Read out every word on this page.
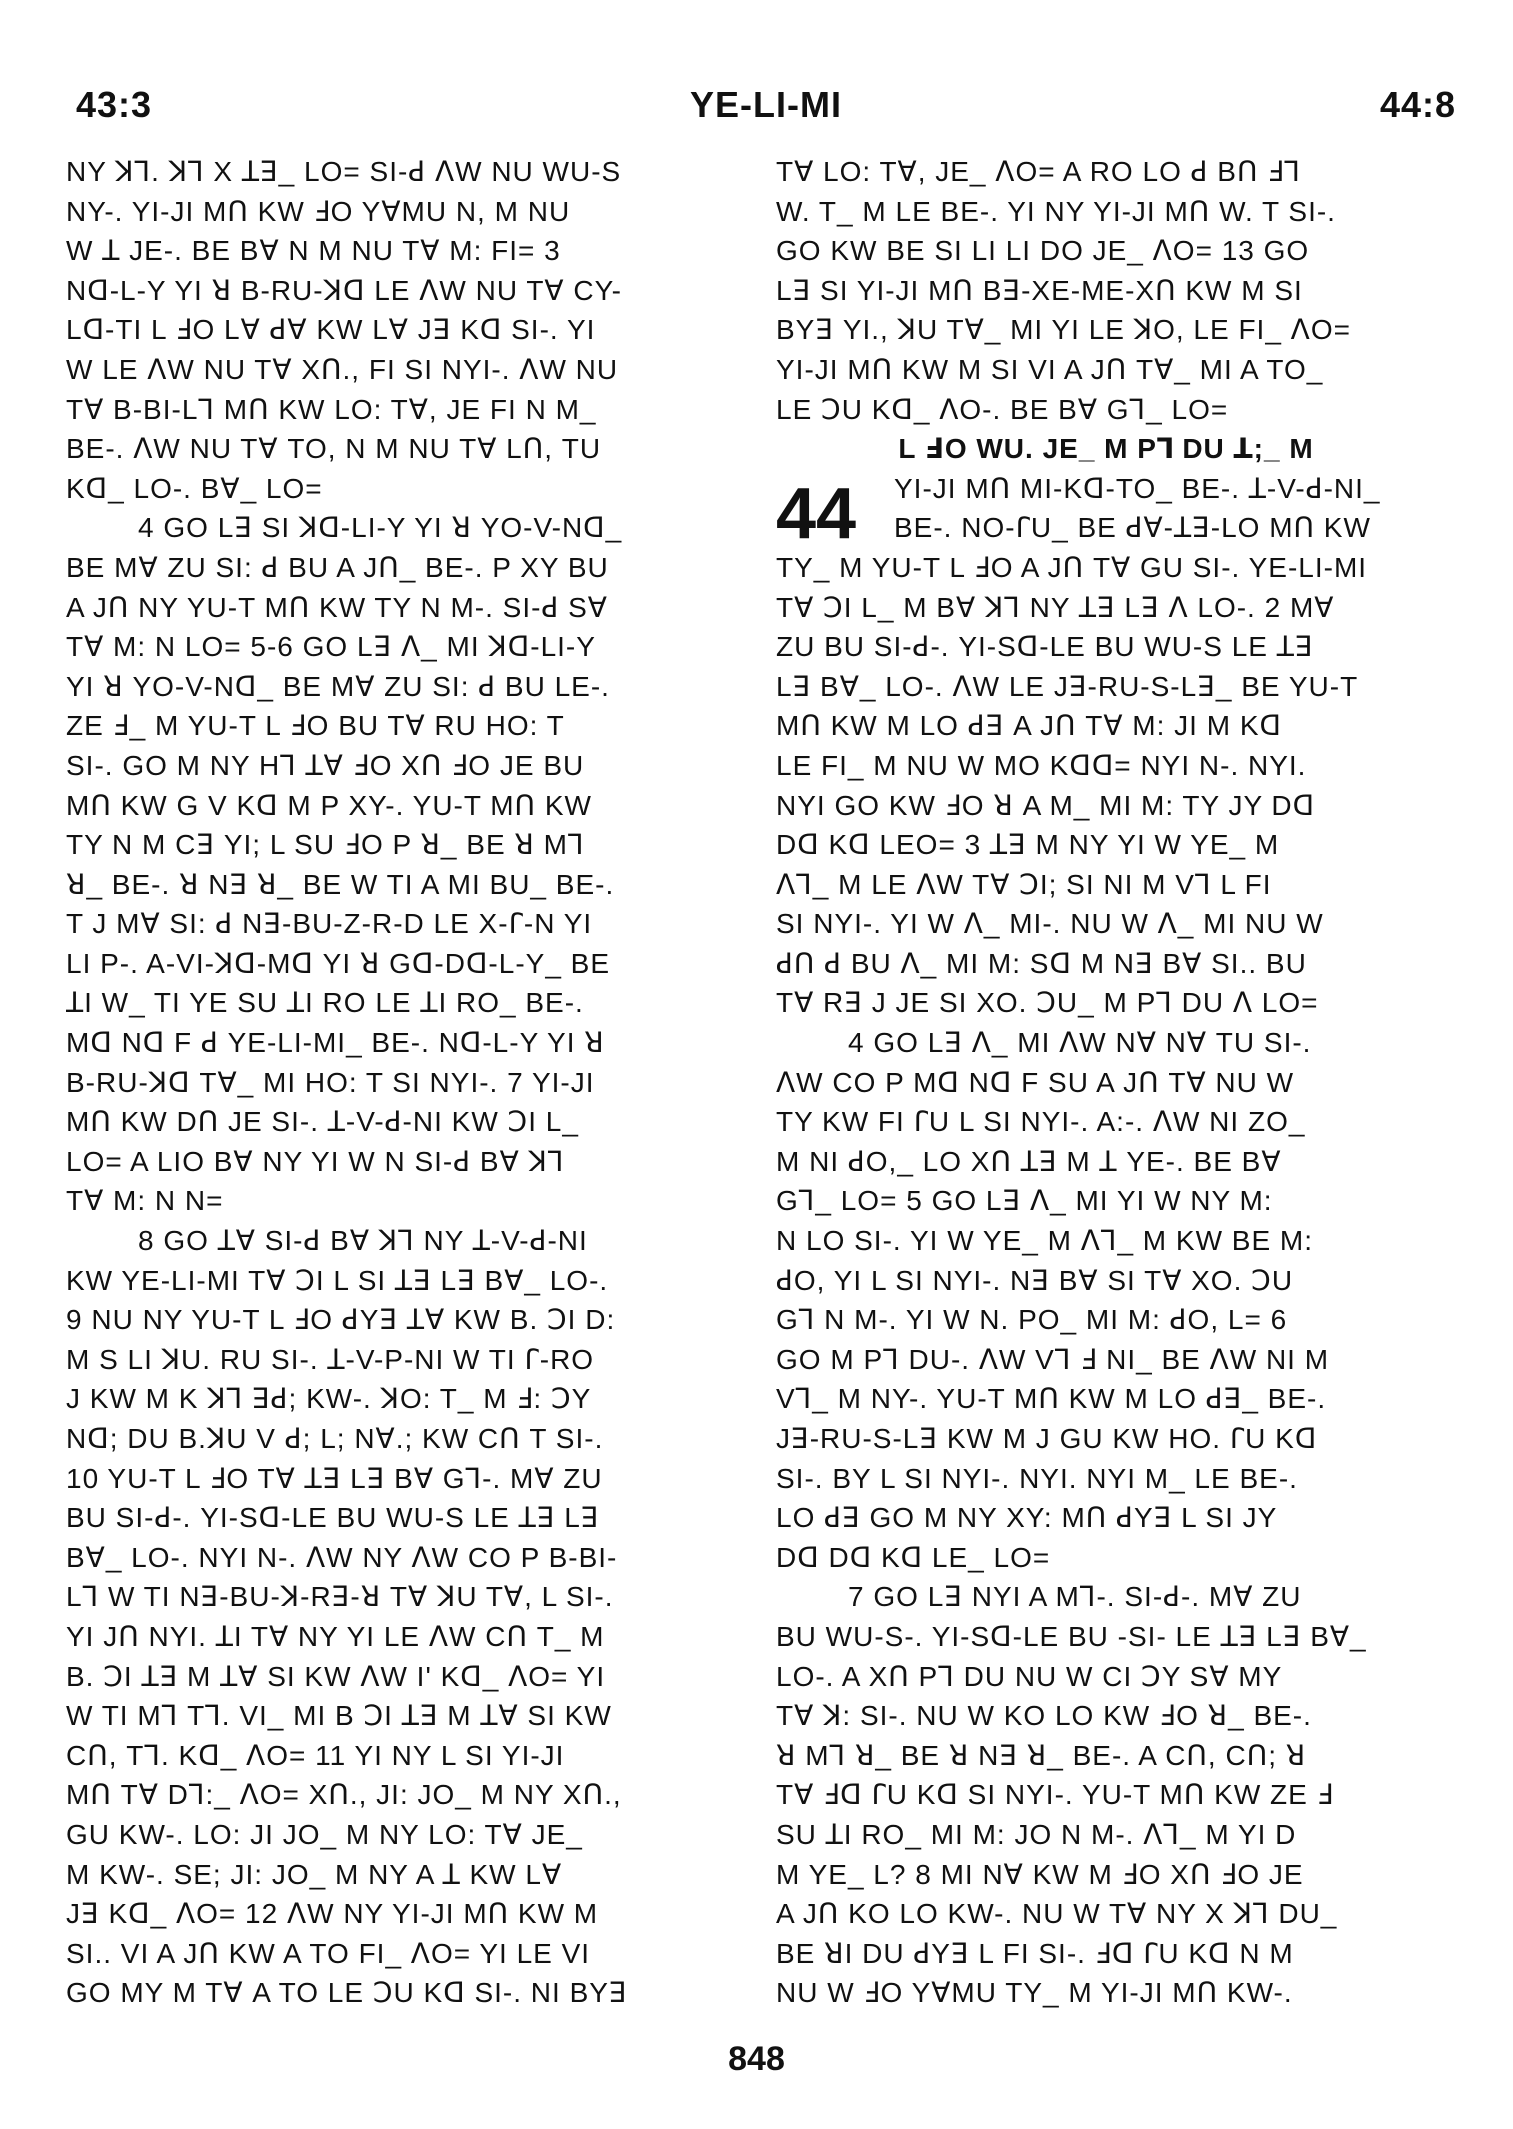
43:3	YE-LI-MI	44:8
NY ꓘꓶ. ꓘꓶ X ꓕꓱ_ LO= SI-ꓒ ꓥW NU WU-S
NY-. YI-JI Mꓵ KW ꓞO YꓯMU N, M NU
W ꓕ JE-. BE Bꓯ N M NU Tꓯ M: FI= 3
Nꓷ-L-Y YI ꓤ B-RU-ꓘꓷ LE ꓥW NU Tꓯ CY-
Lꓷ-TI L ꓞO Lꓯ ꓒꓯ KW Lꓯ Jꓱ Kꓷ SI-. YI
W LE ꓥW NU Tꓯ Xꓵ., FI SI NYI-. ꓥW NU
Tꓯ B-BI-Lꓶ Mꓵ KW LO: Tꓯ, JE FI N M_
BE-. ꓥW NU Tꓯ TO, N M NU Tꓯ Lꓵ, TU
Kꓷ_ LO-. Bꓯ_ LO=
4 GO Lꓱ SI ꓘꓷ-LI-Y YI ꓤ YO-V-Nꓷ_
BE Mꓯ ZU SI: ꓒ BU A Jꓵ_ BE-. P XY BU
A Jꓵ NY YU-T Mꓵ KW TY N M-. SI-ꓒ Sꓯ
Tꓯ M: N LO= 5-6 GO Lꓱ ꓥ_ MI ꓘꓷ-LI-Y
YI ꓤ YO-V-Nꓷ_ BE Mꓯ ZU SI: ꓒ BU LE-.
ZE ꓞ_ M YU-T L ꓞO BU Tꓯ RU HO: T
SI-. GO M NY Hꓶ ꓕꓯ ꓞO Xꓵ ꓞO JE BU
Mꓵ KW G V Kꓷ M P XY-. YU-T Mꓵ KW
TY N M Cꓱ YI; L SU ꓞO P ꓤ_ BE ꓤ Mꓶ
ꓤ_ BE-. ꓤ Nꓱ ꓤ_ BE W TI A MI BU_ BE-.
T J Mꓯ SI: ꓒ Nꓱ-BU-Z-R-D LE X-ꓩ-N YI
LI P-. A-VI-ꓘꓷ-Mꓷ YI ꓤ Gꓷ-Dꓷ-L-Y_ BE
ꓕI W_ TI YE SU ꓕI RO LE ꓕI RO_ BE-.
Mꓷ Nꓷ F ꓒ YE-LI-MI_ BE-. Nꓷ-L-Y YI ꓤ
B-RU-ꓘꓷ Tꓯ_ MI HO: T SI NYI-. 7 YI-JI
Mꓵ KW Dꓵ JE SI-. ꓕ-V-ꓒ-NI KW ꓛI L_
LO= A LIO Bꓯ NY YI W N SI-ꓒ Bꓯ ꓘꓶ
Tꓯ M: N N=
8 GO ꓕꓯ SI-ꓒ Bꓯ ꓘꓶ NY ꓕ-V-ꓒ-NI
KW YE-LI-MI Tꓯ ꓛI L SI ꓕꓱ Lꓱ Bꓯ_ LO-.
9 NU NY YU-T L ꓞO ꓒYꓱ ꓕꓯ KW B. ꓛI D:
M S LI ꓘU. RU SI-. ꓕ-V-P-NI W TI ꓩ-RO
J KW M K ꓘꓶ ꓱꓒ; KW-. ꓘO: T_ M ꓞ: ꓛY
Nꓷ; DU B.ꓘU V ꓒ; L; Nꓯ.; KW Cꓵ T SI-.
10 YU-T L ꓞO Tꓯ ꓕꓱ Lꓱ Bꓯ Gꓶ-. Mꓯ ZU
BU SI-ꓒ-. YI-Sꓷ-LE BU WU-S LE ꓕꓱ Lꓱ
Bꓯ_ LO-. NYI N-. ꓥW NY ꓥW CO P B-BI-
Lꓶ W TI Nꓱ-BU-ꓘ-Rꓱ-ꓤ Tꓯ ꓘU Tꓯ, L SI-.
YI Jꓵ NYI. ꓕI Tꓯ NY YI LE ꓥW Cꓵ T_ M
B. ꓛI ꓕꓱ M ꓕꓯ SI KW ꓥW I' Kꓷ_ ꓥO= YI
W TI Mꓶ Tꓶ. VI_ MI B ꓛI ꓕꓱ M ꓕꓯ SI KW
Cꓵ, Tꓶ. Kꓷ_ ꓥO= 11 YI NY L SI YI-JI
Mꓵ Tꓯ Dꓶ:_ ꓥO= Xꓵ., JI: JO_ M NY Xꓵ.,
GU KW-. LO: JI JO_ M NY LO: Tꓯ JE_
M KW-. SE; JI: JO_ M NY A ꓕ KW Lꓯ
Jꓱ Kꓷ_ ꓥO= 12 ꓥW NY YI-JI Mꓵ KW M
SI.. VI A Jꓵ KW A TO FI_ ꓥO= YI LE VI
GO MY M Tꓯ A TO LE ꓛU Kꓷ SI-. NI BYꓱ
Tꓯ LO: Tꓯ, JE_ ꓥO= A RO LO ꓒ Bꓵ ꓞꓶ
W. T_ M LE BE-. YI NY YI-JI Mꓵ W. T SI-.
GO KW BE SI LI LI DO JE_ ꓥO= 13 GO
Lꓱ SI YI-JI Mꓵ Bꓱ-XE-ME-Xꓵ KW M SI
BYꓱ YI., ꓘU Tꓯ_ MI YI LE ꓘO, LE FI_ ꓥO=
YI-JI Mꓵ KW M SI VI A Jꓵ Tꓯ_ MI A TO_
LE ꓛU Kꓷ_ ꓥO-. BE Bꓯ Gꓶ_ LO=
L ꓞO WU. JE_ M Pꓶ DU ꓕ;_ M
44	YI-JI Mꓵ MI-Kꓷ-TO_ BE-. ꓕ-V-ꓒ-NI_
BE-. NO-ꓩU_ BE ꓒꓯ-ꓕꓱ-LO Mꓵ KW
TY_ M YU-T L ꓞO A Jꓵ Tꓯ GU SI-. YE-LI-MI
Tꓯ ꓛI L_ M Bꓯ ꓘꓶ NY ꓕꓱ Lꓱ ꓥ LO-. 2 Mꓯ
ZU BU SI-ꓒ-. YI-Sꓷ-LE BU WU-S LE ꓕꓱ
Lꓱ Bꓯ_ LO-. ꓥW LE Jꓱ-RU-S-Lꓱ_ BE YU-T
Mꓵ KW M LO ꓒꓱ A Jꓵ Tꓯ M: JI M Kꓷ
LE FI_ M NU W MO Kꓷꓷ= NYI N-. NYI.
NYI GO KW ꓞO ꓤ A M_ MI M: TY JY Dꓷ
Dꓷ Kꓷ LEO= 3 ꓕꓱ M NY YI W YE_ M
ꓥꓶ_ M LE ꓥW Tꓯ ꓛI; SI NI M Vꓶ L FI
SI NYI-. YI W ꓥ_ MI-. NU W ꓥ_ MI NU W
ꓒꓵ ꓒ BU ꓥ_ MI M: Sꓷ M Nꓱ Bꓯ SI.. BU
Tꓯ Rꓱ J JE SI XO. ꓛU_ M Pꓶ DU ꓥ LO=
4 GO Lꓱ ꓥ_ MI ꓥW Nꓯ Nꓯ TU SI-.
ꓥW CO P Mꓷ Nꓷ F SU A Jꓵ Tꓯ NU W
TY KW FI ꓩU L SI NYI-. A:-. ꓥW NI ZO_
M NI ꓒO,_ LO Xꓵ ꓕꓱ M ꓕ YE-. BE Bꓯ
Gꓶ_ LO= 5 GO Lꓱ ꓥ_ MI YI W NY M:
N LO SI-. YI W YE_ M ꓥꓶ_ M KW BE M:
ꓒO, YI L SI NYI-. Nꓱ Bꓯ SI Tꓯ XO. ꓛU
Gꓶ N M-. YI W N. PO_ MI M: ꓒO, L= 6
GO M Pꓶ DU-. ꓥW Vꓶ ꓞ NI_ BE ꓥW NI M
Vꓶ_ M NY-. YU-T Mꓵ KW M LO ꓒꓱ_ BE-.
Jꓱ-RU-S-Lꓱ KW M J GU KW HO. ꓩU Kꓷ
SI-. BY L SI NYI-. NYI. NYI M_ LE BE-.
LO ꓒꓱ GO M NY XY: Mꓵ ꓒYꓱ L SI JY
Dꓷ Dꓷ Kꓷ LE_ LO=
7 GO Lꓱ NYI A Mꓶ-. SI-ꓒ-. Mꓯ ZU
BU WU-S-. YI-Sꓷ-LE BU -SI- LE ꓕꓱ Lꓱ Bꓯ_
LO-. A Xꓵ Pꓶ DU NU W CI ꓛY Sꓯ MY
Tꓯ ꓘ: SI-. NU W KO LO KW ꓞO ꓤ_ BE-.
ꓤ Mꓶ ꓤ_ BE ꓤ Nꓱ ꓤ_ BE-. A Cꓵ, Cꓵ; ꓤ
Tꓯ ꓞꓷ ꓩU Kꓷ SI NYI-. YU-T Mꓵ KW ZE ꓞ
SU ꓕI RO_ MI M: JO N M-. ꓥꓶ_ M YI D
M YE_ L? 8 MI Nꓯ KW M ꓞO Xꓵ ꓞO JE
A Jꓵ KO LO KW-. NU W Tꓯ NY X ꓘꓶ DU_
BE ꓤI DU ꓒYꓱ L FI SI-. ꓞꓷ ꓩU Kꓷ N M
NU W ꓞO YꓯMU TY_ M YI-JI Mꓵ KW-.
848
